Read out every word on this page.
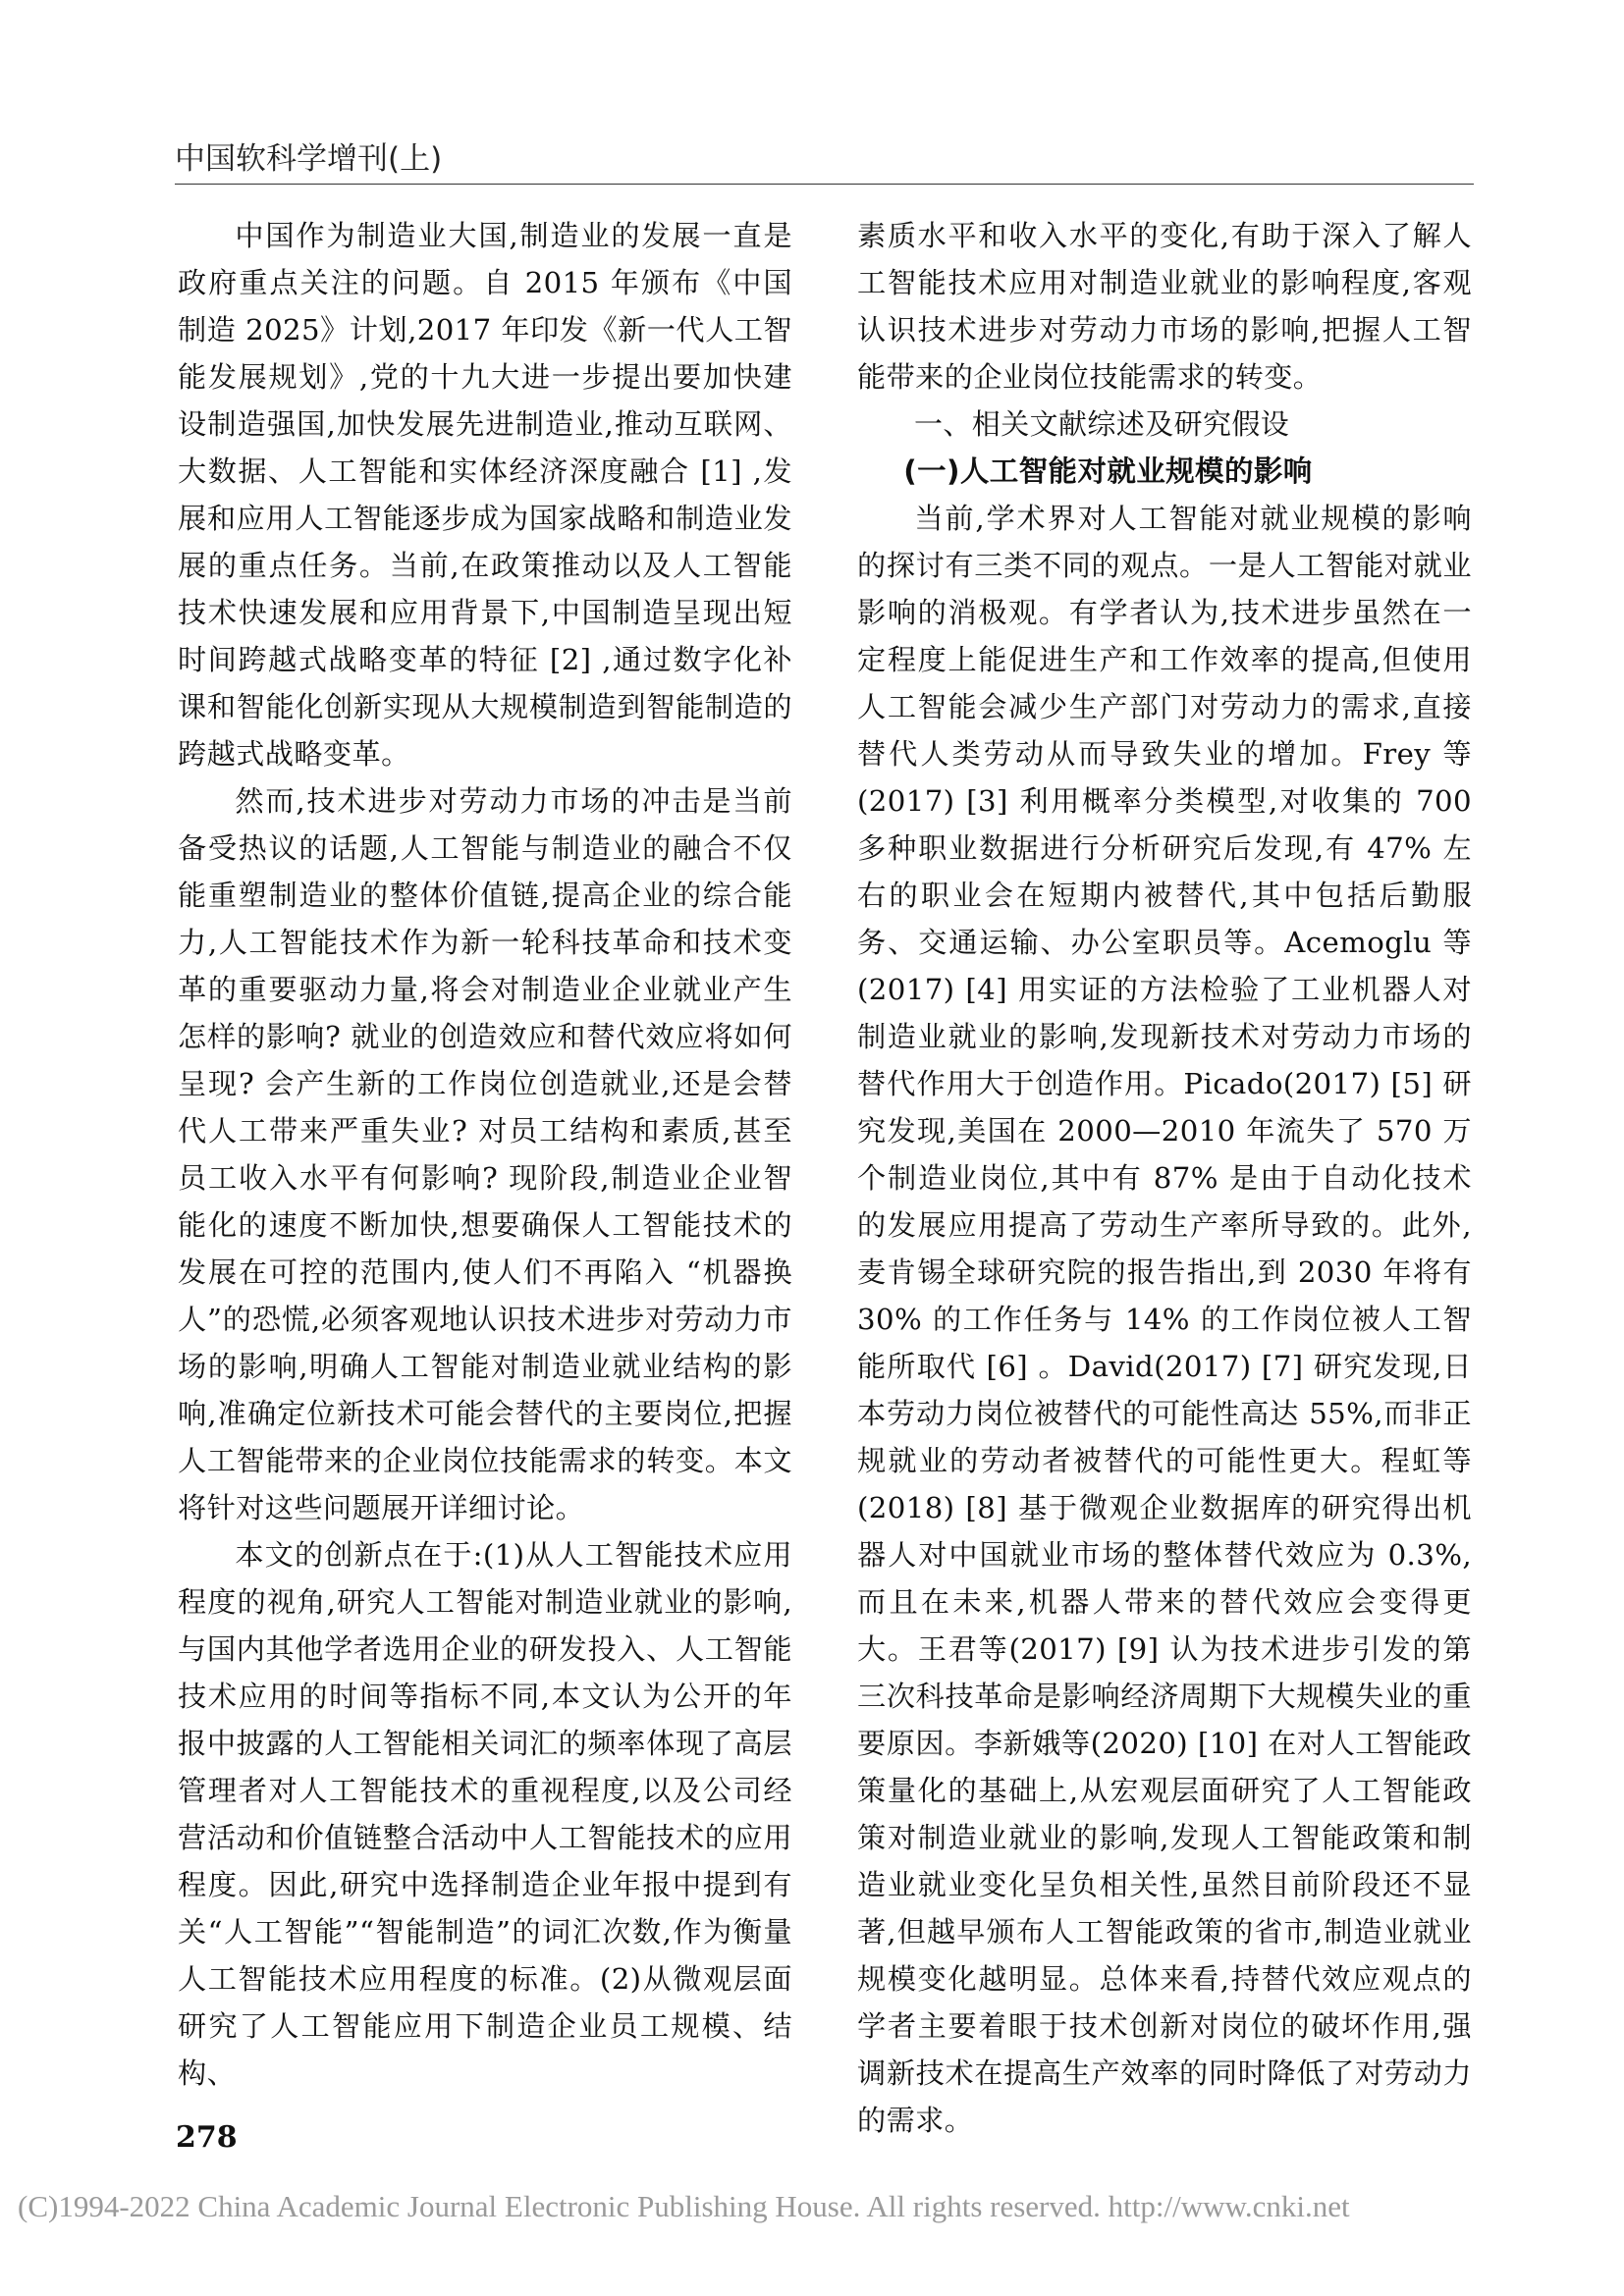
中国软科学增刊(上)

中国作为制造业大国,制造业的发展一直是政府重点关注的问题。自 2015 年颁布《中国制造 2025》计划,2017 年印发《新一代人工智能发展规划》,党的十九大进一步提出要加快建设制造强国,加快发展先进制造业,推动互联网、大数据、人工智能和实体经济深度融合 [1] ,发展和应用人工智能逐步成为国家战略和制造业发展的重点任务。当前,在政策推动以及人工智能技术快速发展和应用背景下,中国制造呈现出短时间跨越式战略变革的特征 [2] ,通过数字化补课和智能化创新实现从大规模制造到智能制造的跨越式战略变革。

然而,技术进步对劳动力市场的冲击是当前备受热议的话题,人工智能与制造业的融合不仅能重塑制造业的整体价值链,提高企业的综合能力,人工智能技术作为新一轮科技革命和技术变革的重要驱动力量,将会对制造业企业就业产生怎样的影响? 就业的创造效应和替代效应将如何呈现? 会产生新的工作岗位创造就业,还是会替代人工带来严重失业? 对员工结构和素质,甚至员工收入水平有何影响? 现阶段,制造业企业智能化的速度不断加快,想要确保人工智能技术的发展在可控的范围内,使人们不再陷入 “机器换人”的恐慌,必须客观地认识技术进步对劳动力市场的影响,明确人工智能对制造业就业结构的影响,准确定位新技术可能会替代的主要岗位,把握人工智能带来的企业岗位技能需求的转变。本文将针对这些问题展开详细讨论。

本文的创新点在于:(1)从人工智能技术应用程度的视角,研究人工智能对制造业就业的影响,与国内其他学者选用企业的研发投入、人工智能技术应用的时间等指标不同,本文认为公开的年报中披露的人工智能相关词汇的频率体现了高层管理者对人工智能技术的重视程度,以及公司经营活动和价值链整合活动中人工智能技术的应用程度。因此,研究中选择制造企业年报中提到有关“人工智能”“智能制造”的词汇次数,作为衡量人工智能技术应用程度的标准。(2)从微观层面研究了人工智能应用下制造企业员工规模、结构、

素质水平和收入水平的变化,有助于深入了解人工智能技术应用对制造业就业的影响程度,客观认识技术进步对劳动力市场的影响,把握人工智能带来的企业岗位技能需求的转变。

一、相关文献综述及研究假设
(一)人工智能对就业规模的影响

当前,学术界对人工智能对就业规模的影响的探讨有三类不同的观点。一是人工智能对就业影响的消极观。有学者认为,技术进步虽然在一定程度上能促进生产和工作效率的提高,但使用人工智能会减少生产部门对劳动力的需求,直接替代人类劳动从而导致失业的增加。Frey 等(2017) [3] 利用概率分类模型,对收集的 700 多种职业数据进行分析研究后发现,有 47% 左右的职业会在短期内被替代,其中包括后勤服务、交通运输、办公室职员等。Acemoglu 等(2017) [4] 用实证的方法检验了工业机器人对制造业就业的影响,发现新技术对劳动力市场的替代作用大于创造作用。Picado(2017) [5] 研究发现,美国在 2000—2010 年流失了 570 万个制造业岗位,其中有 87% 是由于自动化技术的发展应用提高了劳动生产率所导致的。此外,麦肯锡全球研究院的报告指出,到 2030 年将有 30% 的工作任务与 14% 的工作岗位被人工智能所取代 [6] 。David(2017) [7] 研究发现,日本劳动力岗位被替代的可能性高达 55%,而非正规就业的劳动者被替代的可能性更大。程虹等(2018) [8] 基于微观企业数据库的研究得出机器人对中国就业市场的整体替代效应为 0.3%,而且在未来,机器人带来的替代效应会变得更大。王君等(2017) [9] 认为技术进步引发的第三次科技革命是影响经济周期下大规模失业的重要原因。李新娥等(2020) [10] 在对人工智能政策量化的基础上,从宏观层面研究了人工智能政策对制造业就业的影响,发现人工智能政策和制造业就业变化呈负相关性,虽然目前阶段还不显著,但越早颁布人工智能政策的省市,制造业就业规模变化越明显。总体来看,持替代效应观点的学者主要着眼于技术创新对岗位的破坏作用,强调新技术在提高生产效率的同时降低了对劳动力的需求。

278
(C)1994-2022 China Academic Journal Electronic Publishing House. All rights reserved. http://www.cnki.net
